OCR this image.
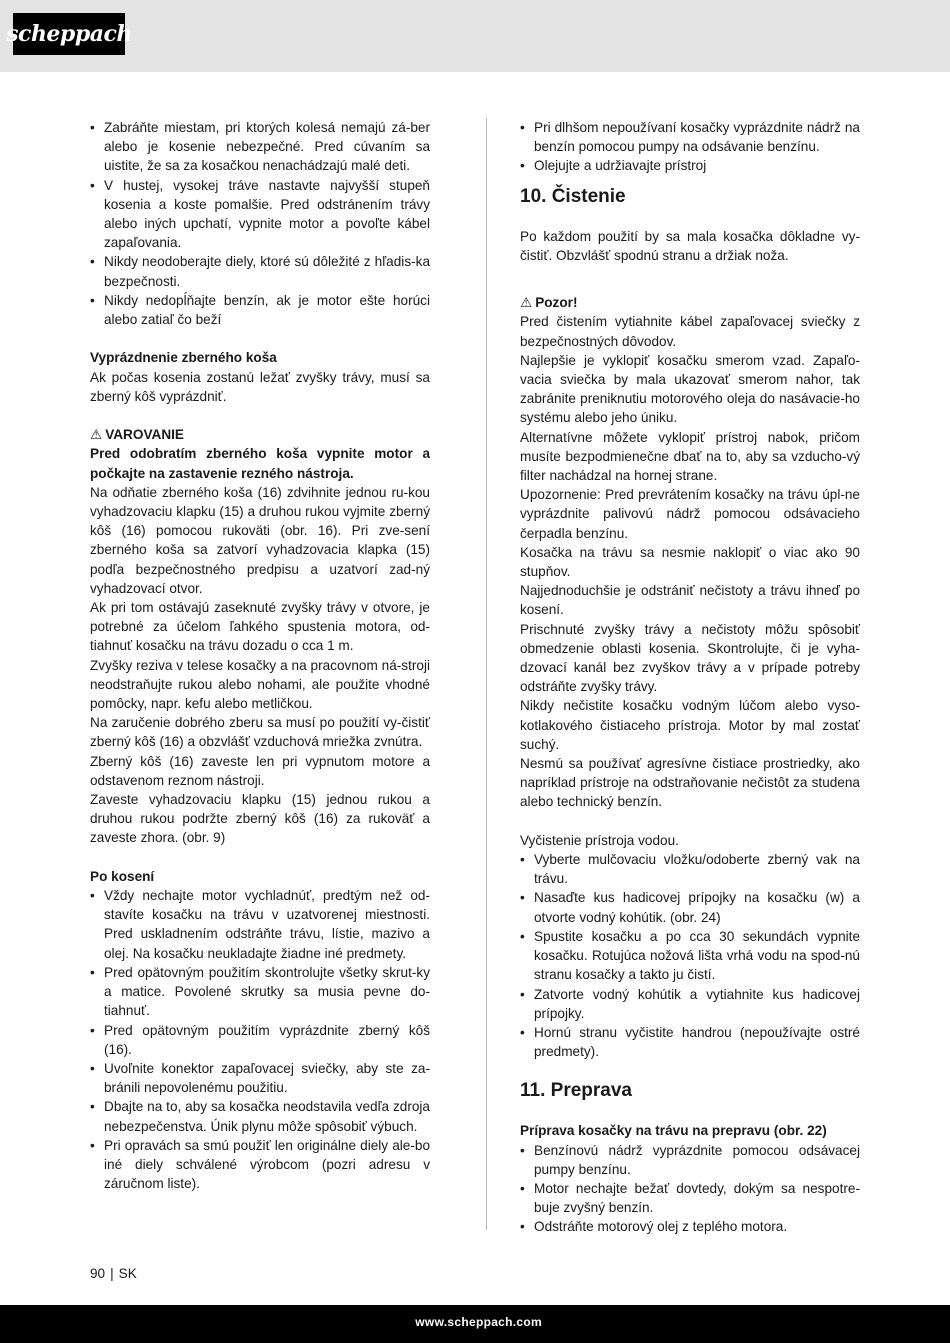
scheppach
• Zabráňte miestam, pri ktorých kolesá nemajú zá-ber alebo je kosenie nebezpečné. Pred cúvaním sa uistite, že sa za kosačkou nenachádzajú malé deti.
• V hustej, vysokej tráve nastavte najvyšší stupeň kosenia a koste pomalšie. Pred odstránením trávy alebo iných upchatí, vypnite motor a povoľte kábel zapaľovania.
• Nikdy neodoberajte diely, ktoré sú dôležité z hľadis-ka bezpečnosti.
• Nikdy nedopĺňajte benzín, ak je motor ešte horúci alebo zatiaľ čo beží

Vyprázdnenie zberného koša

Ak počas kosenia zostanú ležať zvyšky trávy, musí sa zberný kôš vyprázdniť.

⚠ VAROVANIE

Pred odobratím zberného koša vypnite motor a počkajte na zastavenie rezného nástroja.

Na odňatie zberného koša (16) zdvihnite jednou ru-kou vyhadzovaciu klapku (15) a druhou rukou vyjmite zberný kôš (16) pomocou rukoväti (obr. 16). Pri zve-sení zberného koša sa zatvorí vyhadzovacia klapka (15) podľa bezpečnostného predpisu a uzatvorí zad-ný vyhadzovací otvor.

Ak pri tom ostávajú zaseknuté zvyšky trávy v otvore, je potrebné za účelom ľahkého spustenia motora, od-tiahnuť kosačku na trávu dozadu o cca 1 m.

Zvyšky reziva v telese kosačky a na pracovnom ná-stroji neodstraňujte rukou alebo nohami, ale použite vhodné pomôcky, napr. kefu alebo metličkou.

Na zaručenie dobrého zberu sa musí po použití vy-čistiť zberný kôš (16) a obzvlášť vzduchová mriežka zvnútra.

Zberný kôš (16) zaveste len pri vypnutom motore a odstavenom reznom nástroji.

Zaveste vyhadzovaciu klapku (15) jednou rukou a druhou rukou podržte zberný kôš (16) za rukoväť a zaveste zhora. (obr. 9)

Po kosení

• Vždy nechajte motor vychladnúť, predtým než od-stavíte kosačku na trávu v uzatvorenej miestnosti. Pred uskladnením odstráňte trávu, lístie, mazivo a olej. Na kosačku neukladajte žiadne iné predmety.
• Pred opätovným použitím skontrolujte všetky skrut-ky a matice. Povolené skrutky sa musia pevne do-tiahnuť.
• Pred opätovným použitím vyprázdnite zberný kôš (16).
• Uvoľnite konektor zapaľovacej sviečky, aby ste za-bránili nepovolenému použitiu.
• Dbajte na to, aby sa kosačka neodstavila vedľa zdroja nebezpečenstva. Únik plynu môže spôsobiť výbuch.
• Pri opravách sa smú použiť len originálne diely ale-bo iné diely schválené výrobcom (pozri adresu v záručnom liste).
• Pri dlhšom nepoužívaní kosačky vyprázdnite nádrž na benzín pomocou pumpy na odsávanie benzínu.
• Olejujte a udržiavajte prístroj
10. Čistenie

Po každom použití by sa mala kosačka dôkladne vy-čistiť. Obzvlášť spodnú stranu a držiak noža.

⚠ Pozor!

Pred čistením vytiahnite kábel zapaľovacej sviečky z bezpečnostných dôvodov.

Najlepšie je vyklopiť kosačku smerom vzad. Zapaľo-vacia sviečka by mala ukazovať smerom nahor, tak zabránite preniknutiu motorového oleja do nasávacie-ho systému alebo jeho úniku.

Alternatívne môžete vyklopiť prístroj nabok, pričom musíte bezpodmienečne dbať na to, aby sa vzducho-vý filter nachádzal na hornej strane.

Upozornenie: Pred prevrátením kosačky na trávu úpl-ne vyprázdnite palivovú nádrž pomocou odsávacieho čerpadla benzínu.

Kosačka na trávu sa nesmie naklopiť o viac ako 90 stupňov.

Najjednoduchšie je odstrániť nečistoty a trávu ihneď po kosení.

Prischnuté zvyšky trávy a nečistoty môžu spôsobiť obmedzenie oblasti kosenia. Skontrolujte, či je vyha-dzovací kanál bez zvyškov trávy a v prípade potreby odstráňte zvyšky trávy.

Nikdy nečistite kosačku vodným lúčom alebo vyso-kotlakového čistiaceho prístroja. Motor by mal zostať suchý.

Nesmú sa používať agresívne čistiace prostriedky, ako napríklad prístroje na odstraňovanie nečistôt za studena alebo technický benzín.

Vyčistenie prístroja vodou.

• Vyberte mulčovaciu vložku/odoberte zberný vak na trávu.
• Nasaďte kus hadicovej prípojky na kosačku (w) a otvorte vodný kohútik. (obr. 24)
• Spustite kosačku a po cca 30 sekundách vypnite kosačku. Rotujúca nožová lišta vrhá vodu na spod-nú stranu kosačky a takto ju čistí.
• Zatvorte vodný kohútik a vytiahnite kus hadicovej prípojky.
• Hornú stranu vyčistite handrou (nepoužívajte ostré predmety).
11. Preprava

Príprava kosačky na trávu na prepravu (obr. 22)

• Benzínovú nádrž vyprázdnite pomocou odsávacej pumpy benzínu.
• Motor nechajte bežať dovtedy, dokým sa nespotre-buje zvyšný benzín.
• Odstráňte motorový olej z teplého motora.
90 | SK
www.scheppach.com
